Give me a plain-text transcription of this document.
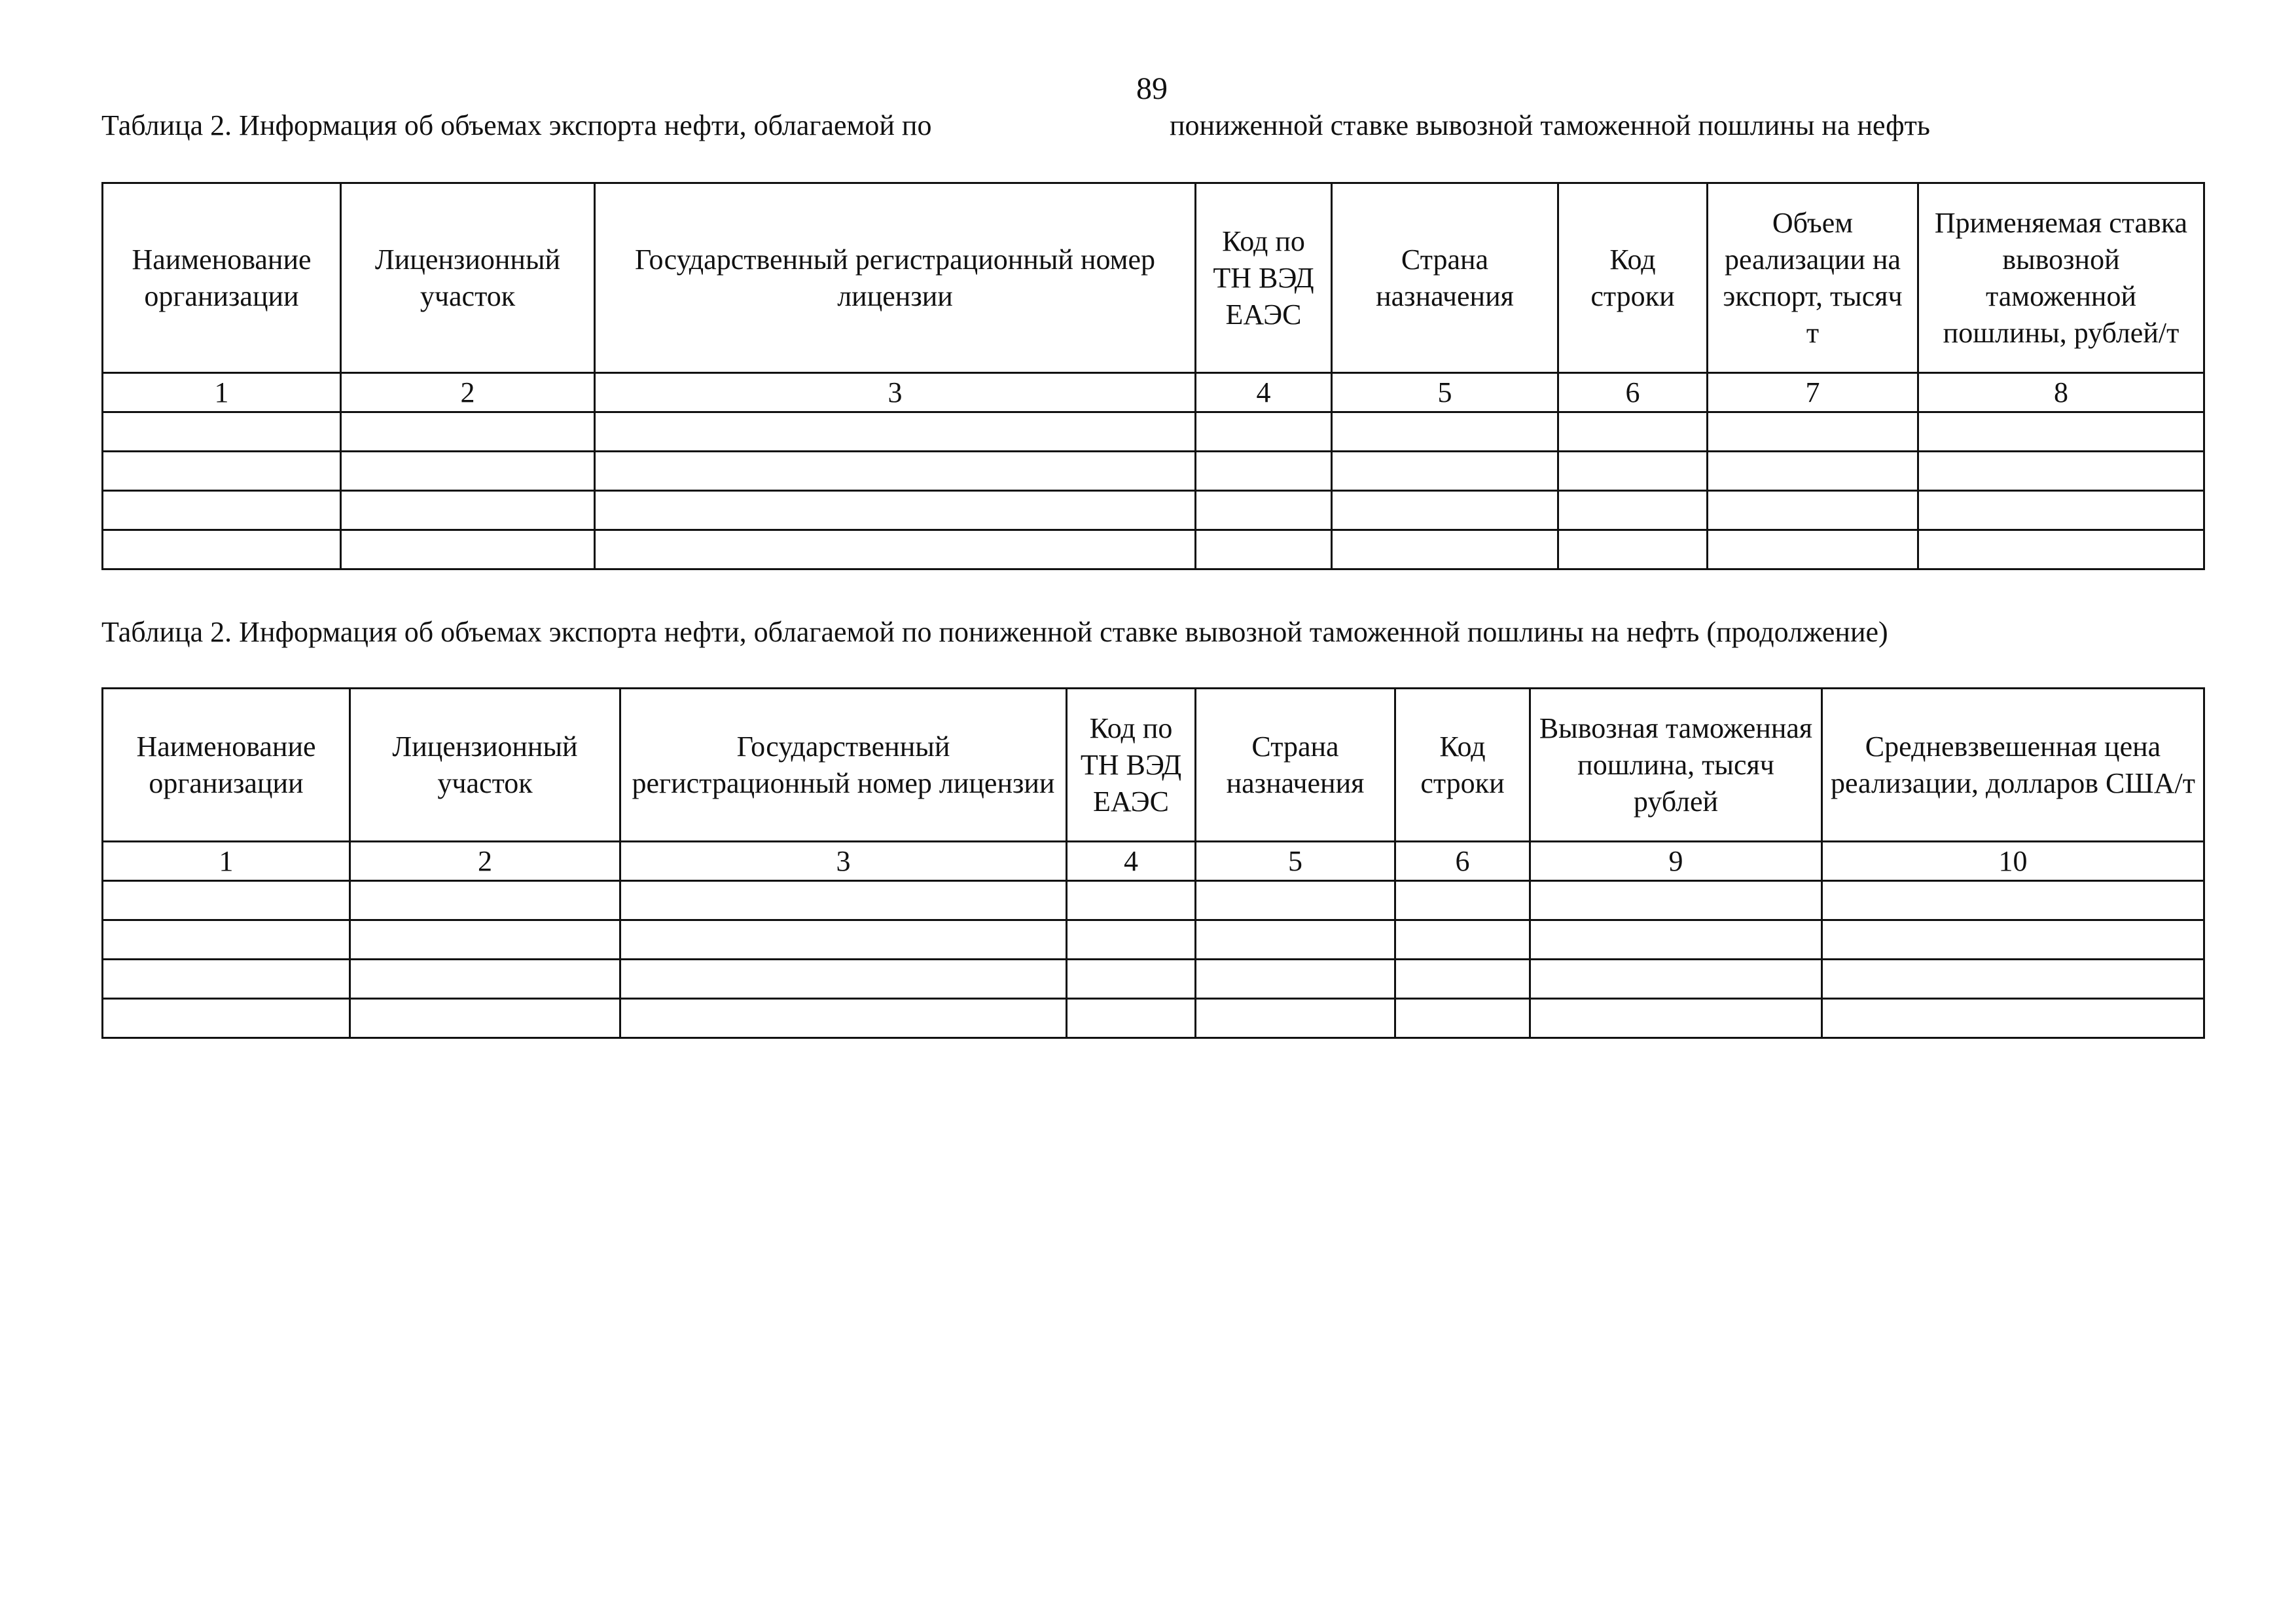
89
Таблица 2. Информация об объемах экспорта нефти, облагаемой по	пониженной ставке вывозной таможенной пошлины на нефть
Наименование организации	Лицензионный участок	Государственный регистрационный номер лицензии	Код по ТН ВЭД ЕАЭС	Страна назначения	Код строки	Объем реализации на экспорт, тысяч т	Применяемая ставка вывозной таможенной пошлины, рублей/т
1	2	3	4	5	6	7	8

Таблица 2. Информация об объемах экспорта нефти, облагаемой по пониженной ставке вывозной таможенной пошлины на нефть (продолжение)
Наименование организации	Лицензионный участок	Государственный регистрационный номер лицензии	Код по ТН ВЭД ЕАЭС	Страна назначения	Код строки	Вывозная таможенная пошлина, тысяч рублей	Средневзвешенная цена реализации, долларов США/т
1	2	3	4	5	6	9	10
